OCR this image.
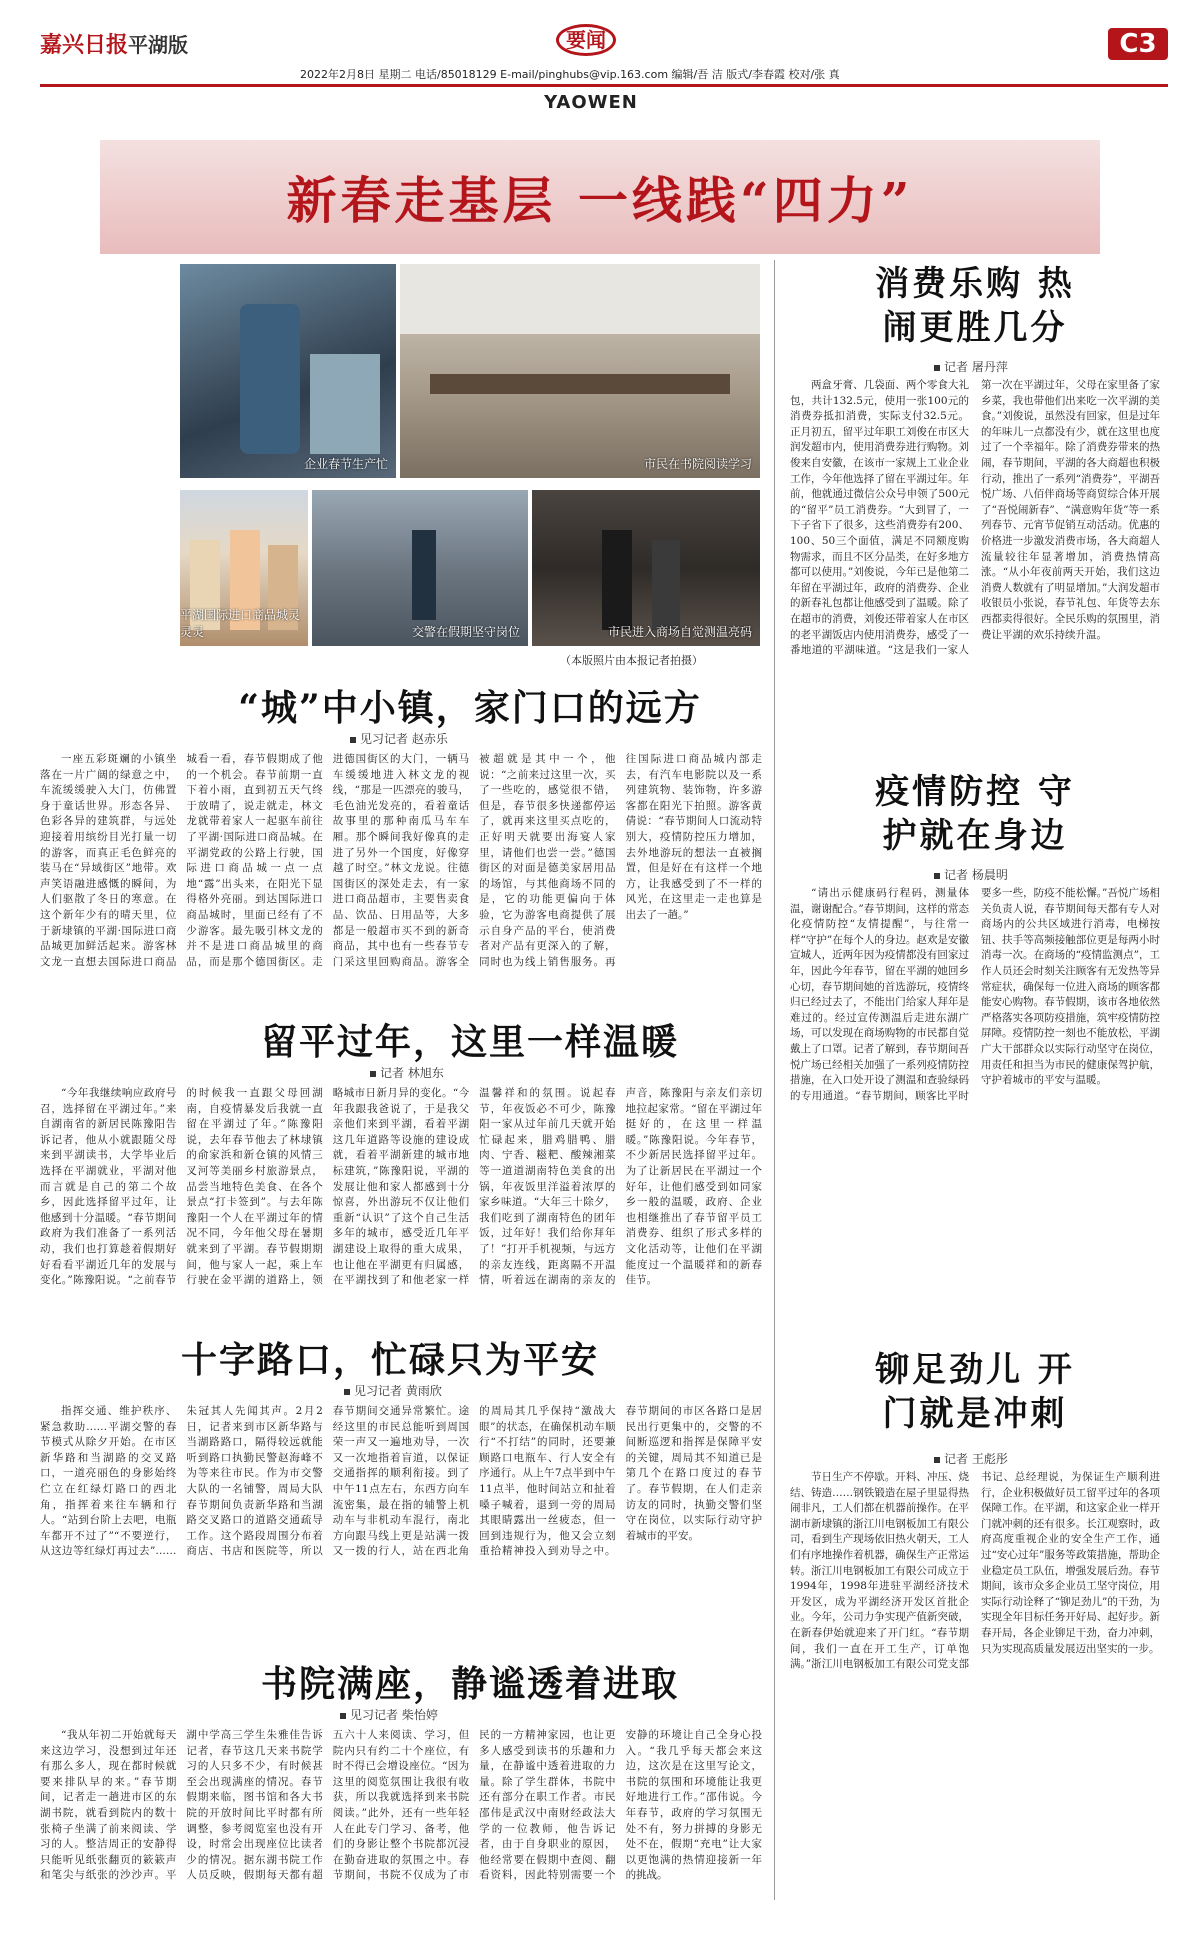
嘉兴日报平湖版	要闻	C3
2022年2月8日 星期二 电话/85018129 E-mail/pinghubs@vip.163.com 编辑/吾 洁 版式/李春霞 校对/张 真
YAOWEN
新春走基层 一线践“四力”
企业春节生产忙	市民在书院阅读学习
平湖国际进口商品城灵灵灵	交警在假期坚守岗位	市民进入商场自觉测温亮码
（本版照片由本报记者拍摄）
消费乐购 热闹更胜几分
记者 屠丹萍

两盒牙膏、几袋面、两个零食大礼包，共计132.5元，使用一张100元的消费券抵扣消费，实际支付32.5元。正月初五，留平过年职工刘俊在市区大润发超市内，使用消费券进行购物。刘俊来自安徽，在该市一家规上工业企业工作，今年他选择了留在平湖过年。年前，他就通过微信公众号申领了500元的“留平”员工消费券。“大到冒了，一下子省下了很多，这些消费券有200、100、50三个面值，满足不同额度购物需求，而且不区分品类，在好多地方都可以使用。”刘俊说，今年已是他第二年留在平湖过年，政府的消费券、企业的新春礼包都让他感受到了温暖。除了在超市的消费，刘俊还带着家人在市区的老平湖饭店内使用消费券，感受了一番地道的平湖味道。“这是我们一家人第一次在平湖过年，父母在家里备了家乡菜，我也带他们出来吃一次平湖的美食。”刘俊说，虽然没有回家，但是过年的年味儿一点都没有少，就在这里也度过了一个幸福年。除了消费券带来的热闹，春节期间，平湖的各大商超也积极行动，推出了一系列“消费券”，平湖吾悦广场、八佰伴商场等商贸综合体开展了“吾悦闹新春”、“满意购年货”等一系列春节、元宵节促销互动活动。优惠的价格进一步激发消费市场，各大商超人流量较往年显著增加，消费热情高涨。“从小年夜前两天开始，我们这边消费人数就有了明显增加。”大润发超市收银员小张说，春节礼包、年货等去东西都卖得很好。全民乐购的氛围里，消费让平湖的欢乐持续升温。

疫情防控 守护就在身边
记者 杨晨明

“请出示健康码行程码，测量体温，谢谢配合。”春节期间，这样的常态化疫情防控“友情提醒”，与往常一样“守护”在每个人的身边。赵欢是安徽宣城人，近两年因为疫情都没有回家过年，因此今年春节，留在平湖的她回乡心切，春节期间她的首选游玩，疫情终归已经过去了，不能出门给家人拜年是难过的。经过宣传测温后走进东湖广场，可以发现在商场购物的市民都自觉戴上了口罩。记者了解到，春节期间吾悦广场已经相关加强了一系列疫情防控措施，在入口处开设了测温和查验绿码的专用通道。“春节期间，顾客比平时要多一些，防疫不能松懈。”吾悦广场相关负责人说，春节期间每天都有专人对商场内的公共区域进行消毒，电梯按钮、扶手等高频接触部位更是每两小时消毒一次。在商场的“疫情监测点”，工作人员还会时刻关注顾客有无发热等异常症状，确保每一位进入商场的顾客都能安心购物。春节假期，该市各地依然严格落实各项防疫措施，筑牢疫情防控屏障。疫情防控一刻也不能放松，平湖广大干部群众以实际行动坚守在岗位，用责任和担当为市民的健康保驾护航，守护着城市的平安与温暖。

铆足劲儿 开门就是冲刺
记者 王彪彤

节日生产不停歇。开料、冲压、烧结、铸造……钢铁锻造在屋子里显得热闹非凡，工人们都在机器前操作。在平湖市新埭镇的浙江川电钢板加工有限公司，看到生产现场依旧热火朝天，工人们有序地操作着机器，确保生产正常运转。浙江川电钢板加工有限公司成立于1994年，1998年进驻平湖经济技术开发区，成为平湖经济开发区首批企业。今年，公司力争实现产值新突破，在新春伊始就迎来了开门红。“春节期间，我们一直在开工生产，订单饱满。”浙江川电钢板加工有限公司党支部书记、总经理说，为保证生产顺利进行，企业积极做好员工留平过年的各项保障工作。在平湖，和这家企业一样开门就冲刺的还有很多。长江观察时，政府高度重视企业的安全生产工作，通过“安心过年”服务等政策措施，帮助企业稳定员工队伍，增强发展后劲。春节期间，该市众多企业员工坚守岗位，用实际行动诠释了“铆足劲儿”的干劲，为实现全年目标任务开好局、起好步。新春开局，各企业铆足干劲，奋力冲刺，只为实现高质量发展迈出坚实的一步。

“城”中小镇，家门口的远方
见习记者 赵赤乐

一座五彩斑斓的小镇坐落在一片广阔的绿意之中，车流缓缓驶入大门，仿佛置身于童话世界。形态各异、色彩各异的建筑群，与远处迎接着用缤纷目光打量一切的游客，而真正毛色鲜亮的装马在“异域街区”地带。欢声笑语融进感慨的瞬间，为人们驱散了冬日的寒意。在这个新年少有的晴天里，位于新埭镇的平湖·国际进口商品城更加鲜活起来。游客林文龙一直想去国际进口商品城看一看，春节假期成了他的一个机会。春节前期一直下着小雨，直到初五天气终于放晴了，说走就走，林文龙就带着家人一起驱车前往了平湖·国际进口商品城。在平湖党政的公路上行驶，国际进口商品城一点一点地“露”出头来，在阳光下显得格外亮丽。到达国际进口商品城时，里面已经有了不少游客。最先吸引林文龙的并不是进口商品城里的商品，而是那个德国街区。走进德国街区的大门，一辆马车缓缓地进入林文龙的视线，“那是一匹漂亮的骏马，毛色油光发亮的，看着童话故事里的那种南瓜马车车厢。那个瞬间我好像真的走进了另外一个国度，好像穿越了时空。”林文龙说。往德国街区的深处走去，有一家进口商品超市，主要售卖食品、饮品、日用品等，大多都是一般超市买不到的新奇商品，其中也有一些春节专门采这里回购商品。游客全被超就是其中一个，他说：“之前来过这里一次，买了一些吃的，感觉很不错，但是，春节很多快递都停运了，就再来这里买点吃的，正好明天就要出海宴人家里，请他们也尝一尝。”德国街区的对面是德美家居用品的场馆，与其他商场不同的是，它的功能更偏向于体验，它为游客电商提供了展示自身产品的平台，使消费者对产品有更深入的了解，同时也为线上销售服务。再往国际进口商品城内部走去，有汽车电影院以及一系列建筑物、装饰物，许多游客都在阳光下拍照。游客黄倩说：“春节期间人口流动特别大，疫情防控压力增加，去外地游玩的想法一直被搁置，但是好在有这样一个地方，让我感受到了不一样的风光，在这里走一走也算是出去了一趟。”

留平过年，这里一样温暖
记者 林旭东

“今年我继续响应政府号召，选择留在平湖过年。”来自湖南省的新居民陈豫阳告诉记者，他从小就跟随父母来到平湖读书，大学毕业后选择在平湖就业，平湖对他而言就是自己的第二个故乡，因此选择留平过年，让他感到十分温暖。“春节期间政府为我们准备了一系列活动，我们也打算趁着假期好好看看平湖近几年的发展与变化。”陈豫阳说。“之前春节的时候我一直跟父母回湖南，自疫情暴发后我就一直留在平湖过了年。”陈豫阳说，去年春节他去了林埭镇的俞家浜和新仓镇的风情三叉河等美丽乡村旅游景点，品尝当地特色美食、在各个景点“打卡签到”。与去年陈豫阳一个人在平湖过年的情况不同，今年他父母在暑期就来到了平湖。春节假期期间，他与家人一起，乘上车行驶在金平湖的道路上，领略城市日新月异的变化。“今年我跟我爸说了，于是我父亲他们来到平湖，看着平湖这几年道路等设施的建设成就，看着平湖新建的城市地标建筑，”陈豫阳说，平湖的发展让他和家人都感到十分惊喜，外出游玩不仅让他们重新“认识”了这个自己生活多年的城市，感受近几年平湖建设上取得的重大成果，也让他在平湖更有归属感，在平湖找到了和他老家一样温馨祥和的氛围。说起春节，年夜饭必不可少，陈豫阳一家从过年前几天就开始忙碌起来，腊鸡腊鸭、腊肉、宁香、糍粑、酸辣湘菜等一道道湖南特色美食的出锅，年夜饭里洋溢着浓厚的家乡味道。“大年三十除夕，我们吃到了湖南特色的团年饭，过年好！我们给你拜年了！”打开手机视频，与远方的亲友连线，距离隔不开温情，听着远在湖南的亲友的声音，陈豫阳与亲友们亲切地拉起家常。“留在平湖过年挺好的，在这里一样温暖。”陈豫阳说。今年春节，不少新居民选择留平过年。为了让新居民在平湖过一个好年，让他们感受到如同家乡一般的温暖，政府、企业也相继推出了春节留平员工消费券、组织了形式多样的文化活动等，让他们在平湖能度过一个温暖祥和的新春佳节。

十字路口，忙碌只为平安
见习记者 黄雨欣

指挥交通、维护秩序、紧急救助……平湖交警的春节模式从除夕开始。在市区新华路和当湖路的交叉路口，一道亮丽色的身影始终伫立在红绿灯路口的西北角，指挥着来往车辆和行人。“站到台阶上去吧，电瓶车都开不过了”“不要逆行，从这边等红绿灯再过去”……朱冠其人先闻其声。2月2日，记者来到市区新华路与当湖路路口，隔得较远就能听到路口执勤民警赵海峰不为等来往市民。作为市交警大队的一名铺警，周局大队春节期间负责新华路和当湖路交叉路口的道路交通疏导工作。这个路段周围分布着商店、书店和医院等，所以春节期间交通异常繁忙。途经这里的市民总能听到周国荣一声又一遍地劝导，一次又一次地指着盲道，以保证交通指挥的顺利衔接。到了中午11点左右，东西方向车流密集，最在指的辅警上机动车与非机动车混行，南北方向跟马线上更是站满一拨又一拨的行人，站在西北角的周局其几乎保持“激战大眼”的状态，在确保机动车顺行“不打结”的同时，还要兼顾路口电瓶车、行人安全有序通行。从上午7点半到中午11点半，他时间站立和扯着嗓子喊着，退到一旁的周局其眼睛露出一丝疲态，但一回到违规行为，他又会立刻重拾精神投入到劝导之中。春节期间的市区各路口是居民出行更集中的，交警的不间断巡逻和指挥是保障平安的关键，周局其不知道已是第几个在路口度过的春节了。春节假期，在人们走亲访友的同时，执勤交警们坚守在岗位，以实际行动守护着城市的平安。

书院满座，静谧透着进取
见习记者 柴怡婷

“我从年初二开始就每天来这边学习，没想到过年还有那么多人，现在都时候就要来排队早的来。”春节期间，记者走一趟进市区的东湖书院，就看到院内的数十张椅子坐满了前来阅读、学习的人。整洁周正的安静得只能听见纸张翻页的簌簌声和笔尖与纸张的沙沙声。平湖中学高三学生朱雅佳告诉记者，春节这几天来书院学习的人只多不少，有时候甚至会出现满座的情况。春节假期来临，图书馆和各大书院的开放时间比平时都有所调整，参考阅览室也没有开设，时常会出现座位比读者少的情况。据东湖书院工作人员反映，假期每天都有超五六十人来阅读、学习，但院内只有约二十个座位，有时不得已会增设座位。“因为这里的阅览氛围让我很有收获，所以我就选择到来书院阅读。”此外，还有一些年轻人在此专门学习、备考，他们的身影让整个书院都沉浸在勤奋进取的氛围之中。春节期间，书院不仅成为了市民的一方精神家园，也让更多人感受到读书的乐趣和力量，在静谧中透着进取的力量。除了学生群体，书院中还有部分在职工作者。市民邵伟是武汉中南财经政法大学的一位教师，他告诉记者，由于自身职业的原因，他经常要在假期中查阅、翻看资料，因此特别需要一个安静的环境让自己全身心投入。“我几乎每天都会来这边，这次是在这里写论文，书院的氛围和环境能让我更好地进行工作。”邵伟说。今年春节，政府的学习氛围无处不有，努力拼搏的身影无处不在，假期“充电”让大家以更饱满的热情迎接新一年的挑战。
